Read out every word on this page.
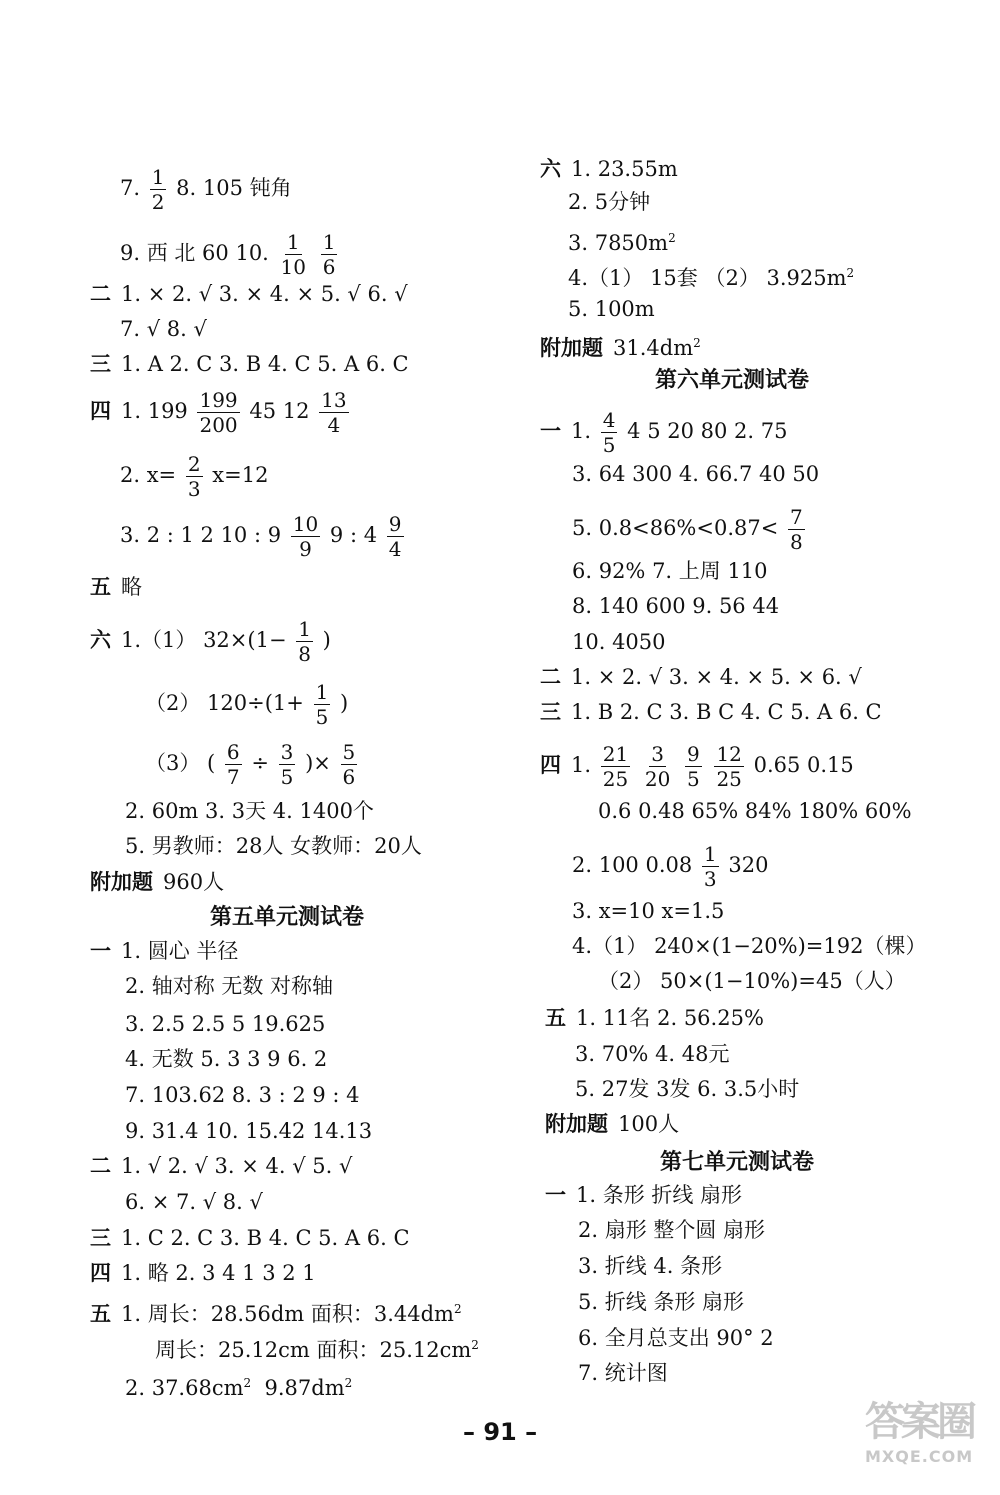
7. $\frac{1}{2} 8$. 105 钝角
9. 西 北 60 10. $\frac{1}{10}$
$\frac{1}{6}$
二 1. × 2. √ 3. × 4. × 5. √ 6. √
7. √ 8. √
三 1. A 2. C 3. B 4. C 5. A 6. C
四 1. $199 \frac{199}{200} 45$ $12 \frac{13}{4}$
2. $x= \frac{2}{3} x=12$
3. 2 : 1 2 10 : $9 \frac{10}{9} 9$ : $4 \frac{9}{4}$
五 略
六 1.（1） $32\times(1- \frac{1}{8}$ )
（2） $120\div(1+ \frac{1}{5}$ )
（3） ( $\frac{6}{7} \div \frac{3}{5}$ )× $\frac{5}{6}$
2. 60m 3. 3天 4. 1400个
5. 男教师：28人 女教师：20人
附加题 960人
第五单元测试卷
一 1. 圆心 半径
2. 轴对称 无数 对称轴
3. 2.5 2.5 5 19.625
4. 无数 5. 3 3 9 6. 2
7. 103.62 8. 3 : 2 9 : 4
9. 31.4 10. 15.42 14.13
二 1. √ 2. √ 3. × 4. √ 5. √
6. × 7. √ 8. √
三 1. C 2. C 3. B 4. C 5. A 6. C
四 1. 略 2. 3 4 1 3 2 1
五 1. 周长：28.56dm 面积：$3.44dm^2$
周长：25.12cm 面积：$25.12cm^2$
2. $37.68cm^2$ $9.87dm^2$
六 1. 23.55m
2. 5分钟
3. $7850m^2$
4.（1） 15套 （2） $3.925m^2$
5. 100m
附加题 $31.4dm^2$
第六单元测试卷
一 1. $\frac{4}{5} 4$ 5 20 80 2. 75
3. 64 300 4. 66.7 40 50
5. $0.8<86\%<0.87< \frac{7}{8}$
6. 92% 7. 上周 110
8. 140 600 9. 56 44
10. 4050
二 1. × 2. √ 3. × 4. × 5. × 6. √
三 1. B 2. C 3. B C 4. C 5. A 6. C
四 1. $\frac{21}{25}$
$\frac{3}{20}$
$\frac{9}{5}$
$\frac{12}{25} 0.65$ 0.15
0.6 0.48 65% 84% 180% 60%
2. 100 $0.08 \frac{1}{3} 320$
3. x=10 x=1.5
4.（1） 240×(1−20%)=192（棵）
（2） 50×(1−10%)=45（人）
五 1. 11名 2. 56.25%
3. 70% 4. 48元
5. 27发 3发 6. 3.5小时
附加题 100人
第七单元测试卷
一 1. 条形 折线 扇形
2. 扇形 整个圆 扇形
3. 折线 4. 条形
5. 折线 条形 扇形
6. 全月总支出 90° 2
7. 统计图
– 91 –	答案圈
MXQE.COM
